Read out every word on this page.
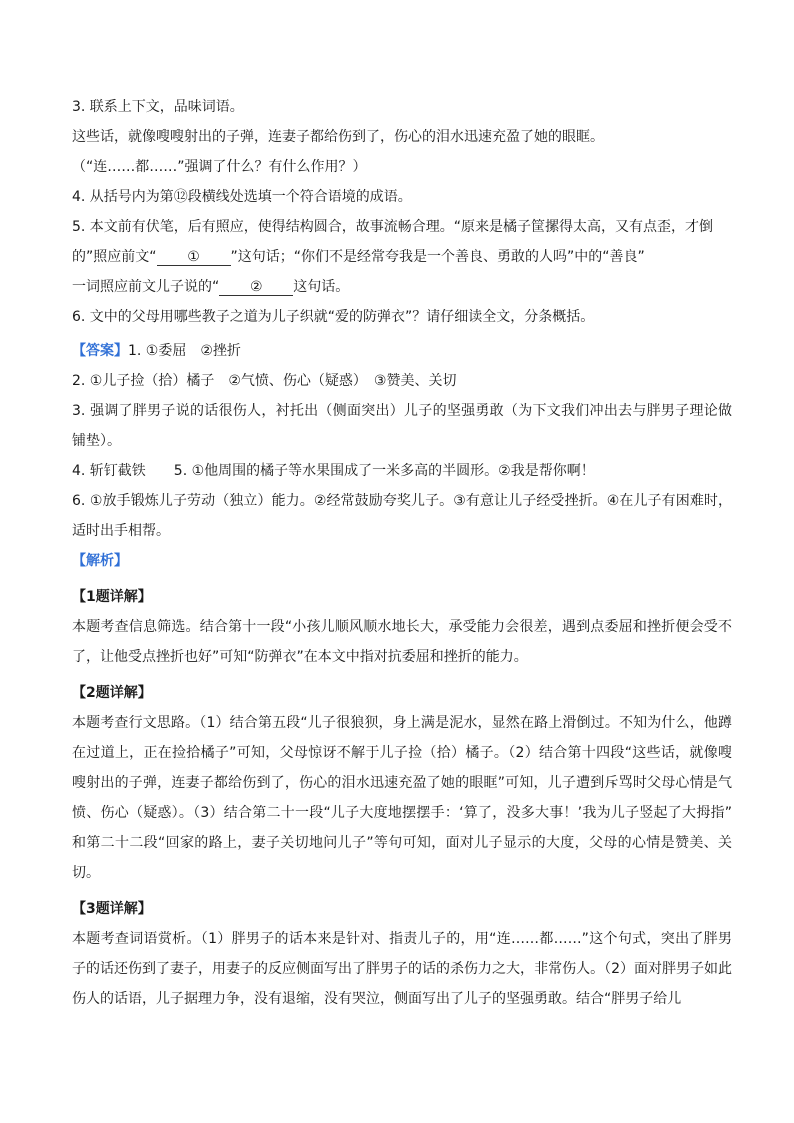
3. 联系上下文，品味词语。

这些话，就像嗖嗖射出的子弹，连妻子都给伤到了，伤心的泪水迅速充盈了她的眼眶。

（“连……都……”强调了什么？有什么作用？）

4. 从括号内为第⑫段横线处选填一个符合语境的成语。

5. 本文前有伏笔，后有照应，使得结构圆合，故事流畅合理。“原来是橘子筐摞得太高，又有点歪，才倒

的”照应前文“ ① ”这句话；“你们不是经常夸我是一个善良、勇敢的人吗”中的“善良”

一词照应前文儿子说的“ ② 这句话。

6. 文中的父母用哪些教子之道为儿子织就“爱的防弹衣”？请仔细读全文，分条概括。

【答案】1. ①委屈　②挫折

2. ①儿子捡（拾）橘子　②气愤、伤心（疑惑）　③赞美、关切

3. 强调了胖男子说的话很伤人，衬托出（侧面突出）儿子的坚强勇敢（为下文我们冲出去与胖男子理论做铺垫）。

4. 斩钉截铁　　5. ①他周围的橘子等水果围成了一米多高的半圆形。②我是帮你啊！

6. ①放手锻炼儿子劳动（独立）能力。②经常鼓励夸奖儿子。③有意让儿子经受挫折。④在儿子有困难时，适时出手相帮。

【解析】

【1题详解】

本题考查信息筛选。结合第十一段“小孩儿顺风顺水地长大，承受能力会很差，遇到点委屈和挫折便会受不了，让他受点挫折也好”可知“防弹衣”在本文中指对抗委屈和挫折的能力。

【2题详解】

本题考查行文思路。（1）结合第五段“儿子很狼狈，身上满是泥水，显然在路上滑倒过。不知为什么，他蹲在过道上，正在捡拾橘子”可知，父母惊讶不解于儿子捡（拾）橘子。（2）结合第十四段“这些话，就像嗖嗖射出的子弹，连妻子都给伤到了，伤心的泪水迅速充盈了她的眼眶”可知，儿子遭到斥骂时父母心情是气愤、伤心（疑惑）。（3）结合第二十一段“儿子大度地摆摆手：‘算了，没多大事！’我为儿子竖起了大拇指” 和第二十二段“回家的路上，妻子关切地问儿子”等句可知，面对儿子显示的大度，父母的心情是赞美、关切。

【3题详解】

本题考查词语赏析。（1）胖男子的话本来是针对、指责儿子的，用“连……都……”这个句式，突出了胖男子的话还伤到了妻子，用妻子的反应侧面写出了胖男子的话的杀伤力之大，非常伤人。（2）面对胖男子如此伤人的话语，儿子据理力争，没有退缩，没有哭泣，侧面写出了儿子的坚强勇敢。结合“胖男子给儿
